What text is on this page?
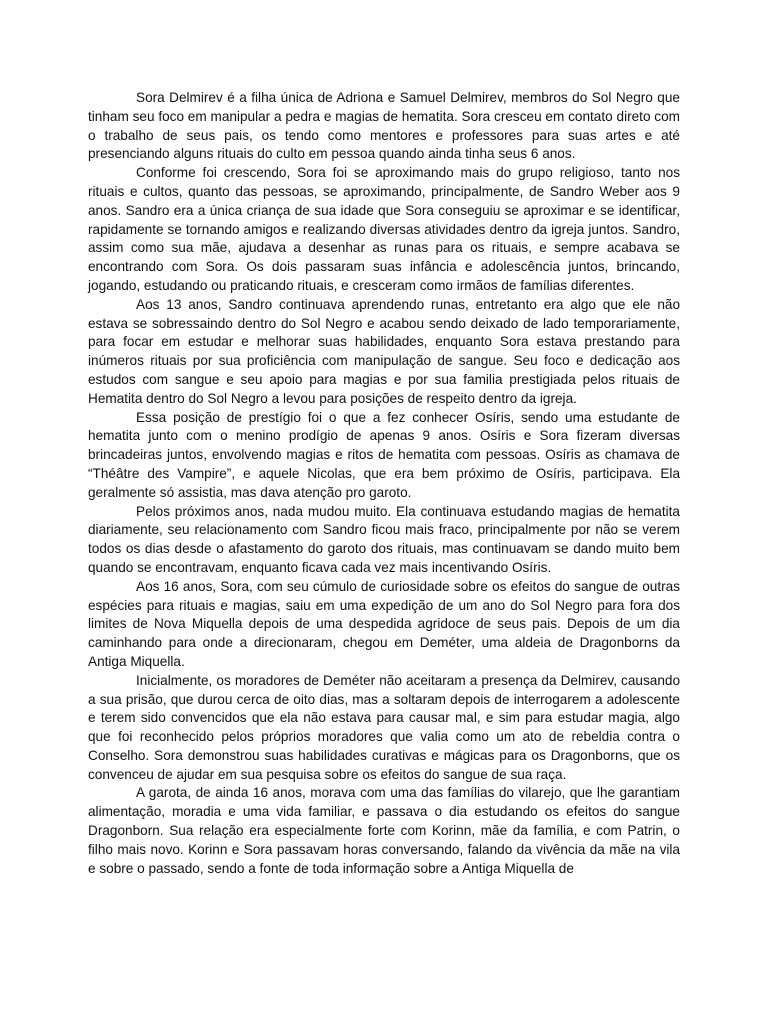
Sora Delmirev é a filha única de Adriona e Samuel Delmirev, membros do Sol Negro que tinham seu foco em manipular a pedra e magias de hematita. Sora cresceu em contato direto com o trabalho de seus pais, os tendo como mentores e professores para suas artes e até presenciando alguns rituais do culto em pessoa quando ainda tinha seus 6 anos.

Conforme foi crescendo, Sora foi se aproximando mais do grupo religioso, tanto nos rituais e cultos, quanto das pessoas, se aproximando, principalmente, de Sandro Weber aos 9 anos. Sandro era a única criança de sua idade que Sora conseguiu se aproximar e se identificar, rapidamente se tornando amigos e realizando diversas atividades dentro da igreja juntos. Sandro, assim como sua mãe, ajudava a desenhar as runas para os rituais, e sempre acabava se encontrando com Sora. Os dois passaram suas infância e adolescência juntos, brincando, jogando, estudando ou praticando rituais, e cresceram como irmãos de famílias diferentes.

Aos 13 anos, Sandro continuava aprendendo runas, entretanto era algo que ele não estava se sobressaindo dentro do Sol Negro e acabou sendo deixado de lado temporariamente, para focar em estudar e melhorar suas habilidades, enquanto Sora estava prestando para inúmeros rituais por sua proficiência com manipulação de sangue. Seu foco e dedicação aos estudos com sangue e seu apoio para magias e por sua familia prestigiada pelos rituais de Hematita dentro do Sol Negro a levou para posições de respeito dentro da igreja.

Essa posição de prestígio foi o que a fez conhecer Osíris, sendo uma estudante de hematita junto com o menino prodígio de apenas 9 anos. Osíris e Sora fizeram diversas brincadeiras juntos, envolvendo magias e ritos de hematita com pessoas. Osíris as chamava de “Théâtre des Vampire”, e aquele Nicolas, que era bem próximo de Osíris, participava. Ela geralmente só assistia, mas dava atenção pro garoto.

Pelos próximos anos, nada mudou muito. Ela continuava estudando magias de hematita diariamente, seu relacionamento com Sandro ficou mais fraco, principalmente por não se verem todos os dias desde o afastamento do garoto dos rituais, mas continuavam se dando muito bem quando se encontravam, enquanto ficava cada vez mais incentivando Osíris.

Aos 16 anos, Sora, com seu cúmulo de curiosidade sobre os efeitos do sangue de outras espécies para rituais e magias, saiu em uma expedição de um ano do Sol Negro para fora dos limites de Nova Miquella depois de uma despedida agridoce de seus pais. Depois de um dia caminhando para onde a direcionaram, chegou em Deméter, uma aldeia de Dragonborns da Antiga Miquella.

Inicialmente, os moradores de Deméter não aceitaram a presença da Delmirev, causando a sua prisão, que durou cerca de oito dias, mas a soltaram depois de interrogarem a adolescente e terem sido convencidos que ela não estava para causar mal, e sim para estudar magia, algo que foi reconhecido pelos próprios moradores que valia como um ato de rebeldia contra o Conselho. Sora demonstrou suas habilidades curativas e mágicas para os Dragonborns, que os convenceu de ajudar em sua pesquisa sobre os efeitos do sangue de sua raça.

A garota, de ainda 16 anos, morava com uma das famílias do vilarejo, que lhe garantiam alimentação, moradia e uma vida familiar, e passava o dia estudando os efeitos do sangue Dragonborn. Sua relação era especialmente forte com Korinn, mãe da família, e com Patrin, o filho mais novo. Korinn e Sora passavam horas conversando, falando da vivência da mãe na vila e sobre o passado, sendo a fonte de toda informação sobre a Antiga Miquella de
